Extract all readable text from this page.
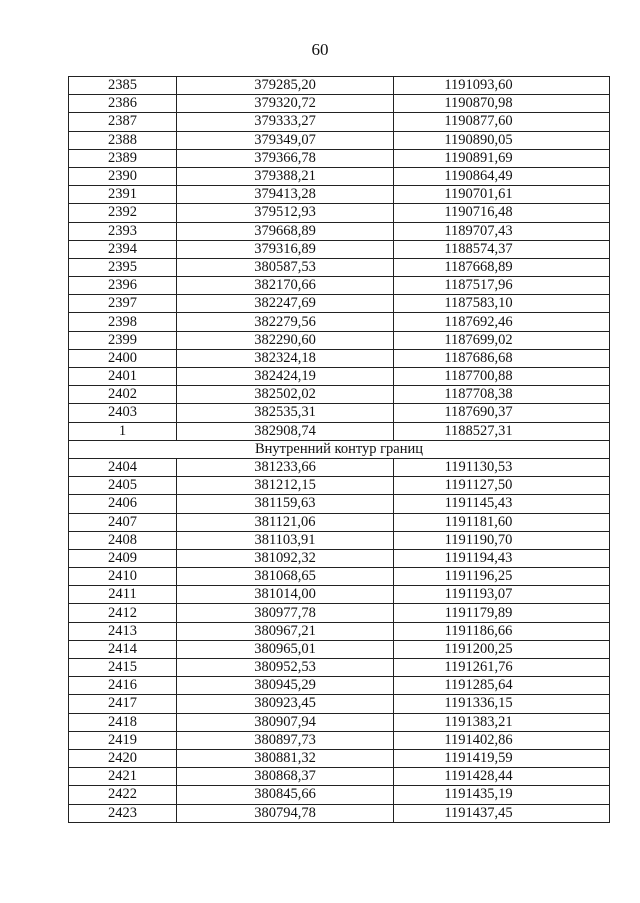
60
2385	379285,20	1191093,60
2386	379320,72	1190870,98
2387	379333,27	1190877,60
2388	379349,07	1190890,05
2389	379366,78	1190891,69
2390	379388,21	1190864,49
2391	379413,28	1190701,61
2392	379512,93	1190716,48
2393	379668,89	1189707,43
2394	379316,89	1188574,37
2395	380587,53	1187668,89
2396	382170,66	1187517,96
2397	382247,69	1187583,10
2398	382279,56	1187692,46
2399	382290,60	1187699,02
2400	382324,18	1187686,68
2401	382424,19	1187700,88
2402	382502,02	1187708,38
2403	382535,31	1187690,37
1	382908,74	1188527,31
Внутренний контур границ		
2404	381233,66	1191130,53
2405	381212,15	1191127,50
2406	381159,63	1191145,43
2407	381121,06	1191181,60
2408	381103,91	1191190,70
2409	381092,32	1191194,43
2410	381068,65	1191196,25
2411	381014,00	1191193,07
2412	380977,78	1191179,89
2413	380967,21	1191186,66
2414	380965,01	1191200,25
2415	380952,53	1191261,76
2416	380945,29	1191285,64
2417	380923,45	1191336,15
2418	380907,94	1191383,21
2419	380897,73	1191402,86
2420	380881,32	1191419,59
2421	380868,37	1191428,44
2422	380845,66	1191435,19
2423	380794,78	1191437,45
